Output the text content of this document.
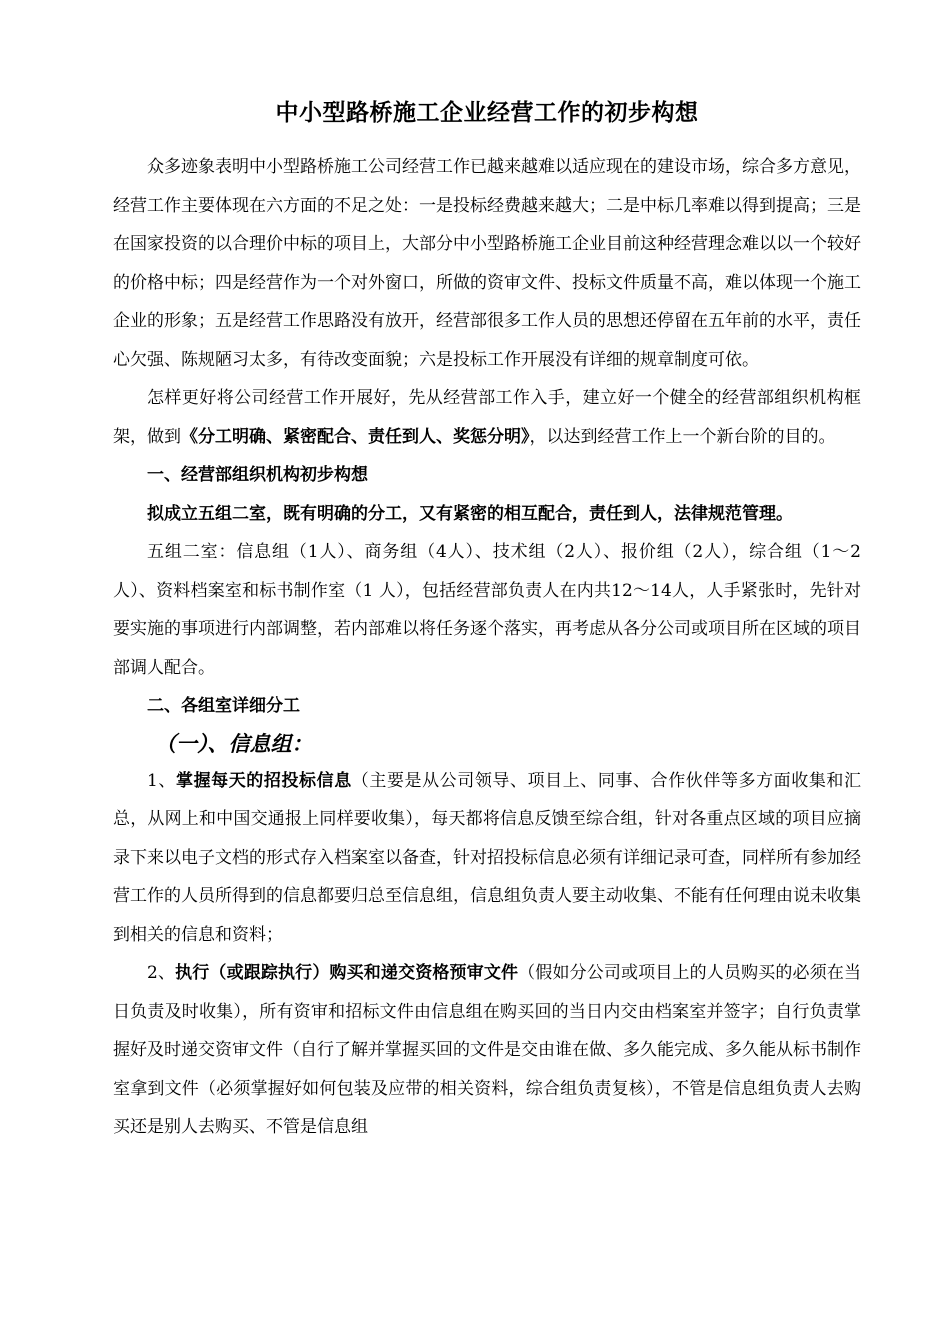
中小型路桥施工企业经营工作的初步构想

众多迹象表明中小型路桥施工公司经营工作已越来越难以适应现在的建设市场，综合多方意见，经营工作主要体现在六方面的不足之处：一是投标经费越来越大；二是中标几率难以得到提高；三是在国家投资的以合理价中标的项目上，大部分中小型路桥施工企业目前这种经营理念难以以一个较好的价格中标；四是经营作为一个对外窗口，所做的资审文件、投标文件质量不高，难以体现一个施工企业的形象；五是经营工作思路没有放开，经营部很多工作人员的思想还停留在五年前的水平，责任心欠强、陈规陋习太多，有待改变面貌；六是投标工作开展没有详细的规章制度可依。

怎样更好将公司经营工作开展好，先从经营部工作入手，建立好一个健全的经营部组织机构框架，做到《分工明确、紧密配合、责任到人、奖惩分明》，以达到经营工作上一个新台阶的目的。

一、经营部组织机构初步构想

拟成立五组二室，既有明确的分工，又有紧密的相互配合，责任到人，法律规范管理。

五组二室：信息组（1人）、商务组（4人）、技术组（2人）、报价组（2人），综合组（1～2人）、资料档案室和标书制作室（1 人），包括经营部负责人在内共12～14人，人手紧张时，先针对要实施的事项进行内部调整，若内部难以将任务逐个落实，再考虑从各分公司或项目所在区域的项目部调人配合。

二、各组室详细分工

（一）、信息组：

1、掌握每天的招投标信息（主要是从公司领导、项目上、同事、合作伙伴等多方面收集和汇总，从网上和中国交通报上同样要收集），每天都将信息反馈至综合组，针对各重点区域的项目应摘录下来以电子文档的形式存入档案室以备查，针对招投标信息必须有详细记录可查，同样所有参加经营工作的人员所得到的信息都要归总至信息组，信息组负责人要主动收集、不能有任何理由说未收集到相关的信息和资料；

2、执行（或跟踪执行）购买和递交资格预审文件（假如分公司或项目上的人员购买的必须在当日负责及时收集），所有资审和招标文件由信息组在购买回的当日内交由档案室并签字；自行负责掌握好及时递交资审文件（自行了解并掌握买回的文件是交由谁在做、多久能完成、多久能从标书制作室拿到文件（必须掌握好如何包装及应带的相关资料，综合组负责复核），不管是信息组负责人去购买还是别人去购买、不管是信息组
